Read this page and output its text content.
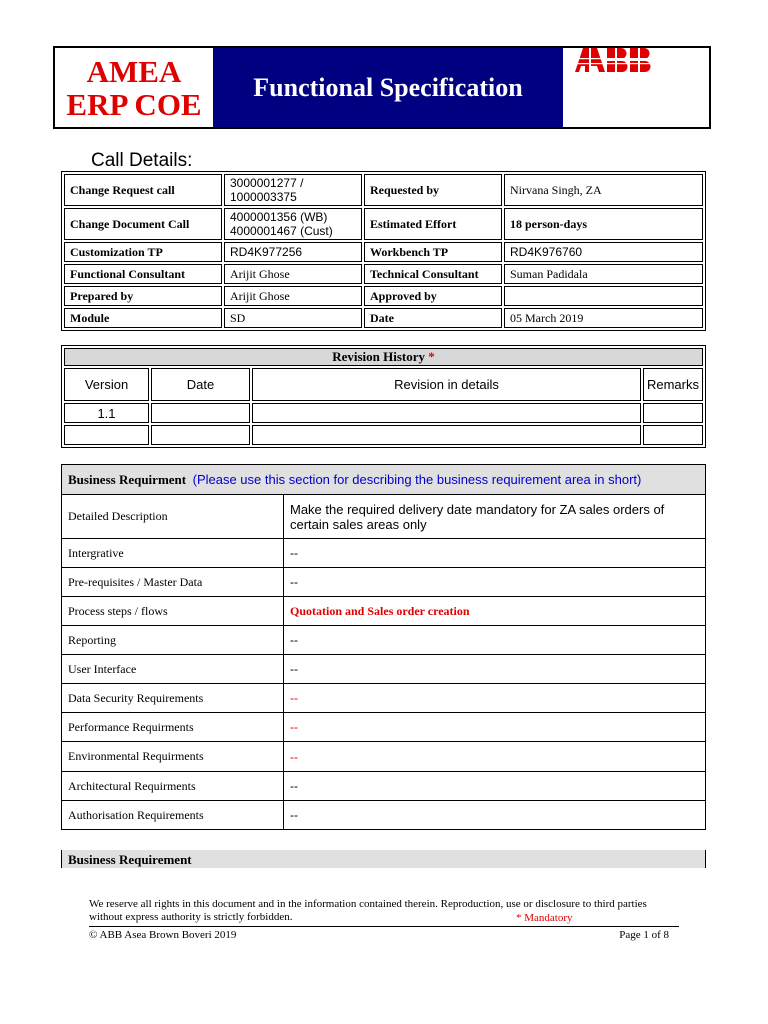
AMEA
ERP COE	Functional Specification
Call Details:
Change Request call	3000001277 / 1000003375	Requested by	Nirvana Singh, ZA
Change Document Call	4000001356 (WB) 4000001467 (Cust)	Estimated Effort	18 person-days
Customization TP	RD4K977256	Workbench TP	RD4K976760
Functional Consultant	Arijit Ghose	Technical Consultant	Suman Padidala
Prepared by	Arijit Ghose	Approved by	
Module	SD	Date	05 March 2019
Revision History *			
Version	Date	Revision in details	Remarks
1.1			

Business Requirment (Please use this section for describing the business requirement area in short)	
Detailed Description	Make the required delivery date mandatory for ZA sales orders of certain sales areas only
Intergrative	--
Pre-requisites / Master Data	--
Process steps / flows	Quotation and Sales order creation
Reporting	--
User Interface	--
Data Security Requirements	--
Performance Requirments	--
Environmental Requirments	--
Architectural Requirments	--
Authorisation Requirements	--
Business Requirement
We reserve all rights in this document and in the information contained therein. Reproduction, use or disclosure to third parties without express authority is strictly forbidden.	* Mandatory
© ABB Asea Brown Boveri 2019	Page 1 of 8
